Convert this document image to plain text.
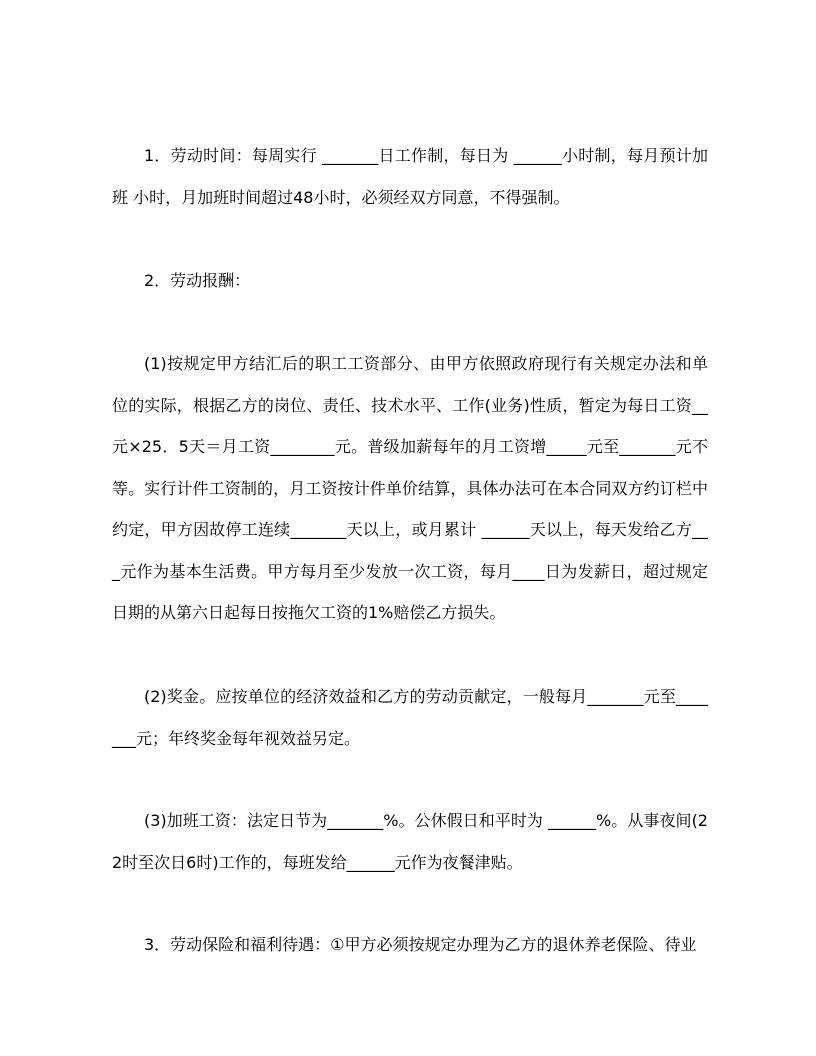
1．劳动时间：每周实行 _______日工作制，每日为 ______小时制，每月预计加班 小时，月加班时间超过48小时，必须经双方同意，不得强制。

2．劳动报酬：

(1)按规定甲方结汇后的职工工资部分、由甲方依照政府现行有关规定办法和单位的实际，根据乙方的岗位、责任、技术水平、工作(业务)性质，暂定为每日工资__元×25．5天＝月工资________元。普级加薪每年的月工资增_____元至_______元不等。实行计件工资制的，月工资按计件单价结算，具体办法可在本合同双方约订栏中约定，甲方因故停工连续_______天以上，或月累计 ______天以上，每天发给乙方___元作为基本生活费。甲方每月至少发放一次工资，每月____日为发薪日，超过规定日期的从第六日起每日按拖欠工资的1%赔偿乙方损失。

(2)奖金。应按单位的经济效益和乙方的劳动贡献定，一般每月_______元至_______元；年终奖金每年视效益另定。

(3)加班工资：法定日节为_______%。公休假日和平时为 ______%。从事夜间(22时至次日6时)工作的，每班发给______元作为夜餐津贴。

3．劳动保险和福利待遇：①甲方必须按规定办理为乙方的退休养老保险、待业
